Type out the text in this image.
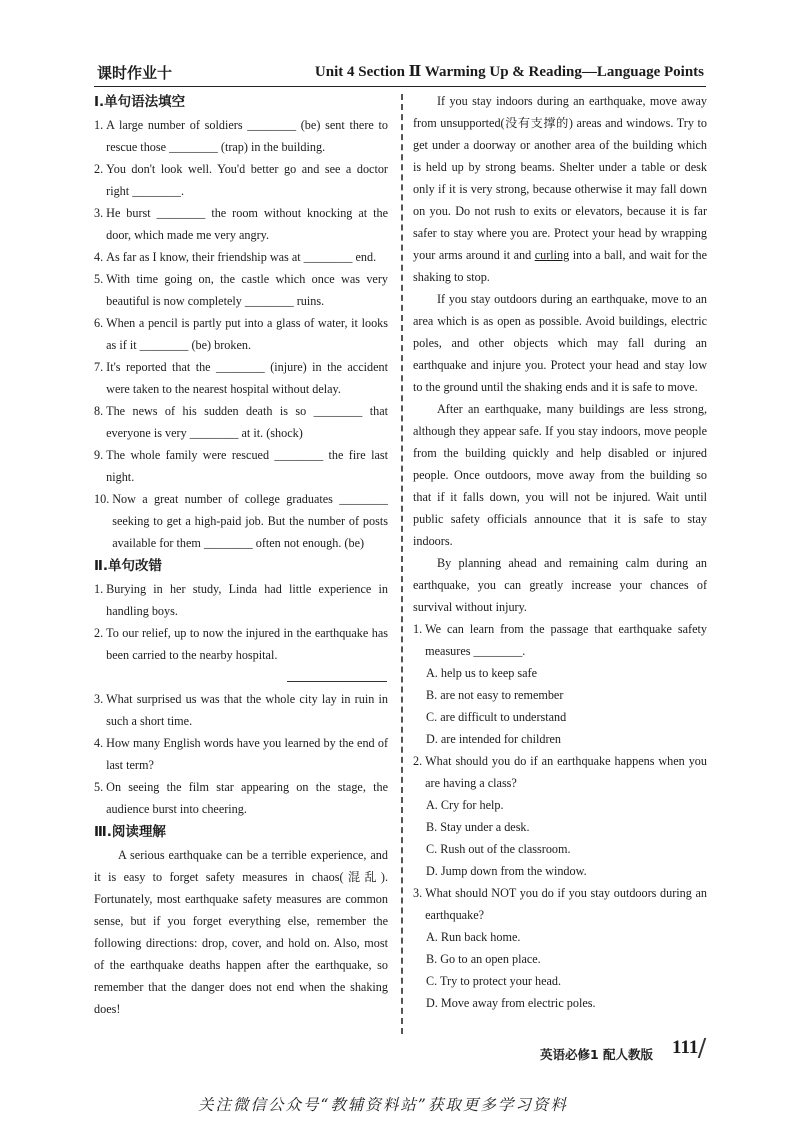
课时作业十	Unit 4 Section Ⅱ Warming Up & Reading—Language Points
Ⅰ.单句语法填空
1. A large number of soldiers ________ (be) sent there to rescue those ________ (trap) in the building.
2. You don't look well. You'd better go and see a doctor right ________.
3. He burst ________ the room without knocking at the door, which made me very angry.
4. As far as I know, their friendship was at ________ end.
5. With time going on, the castle which once was very beautiful is now completely ________ ruins.
6. When a pencil is partly put into a glass of water, it looks as if it ________ (be) broken.
7. It's reported that the ________ (injure) in the accident were taken to the nearest hospital without delay.
8. The news of his sudden death is so ________ that everyone is very ________ at it. (shock)
9. The whole family were rescued ________ the fire last night.
10. Now a great number of college graduates ________ seeking to get a high-paid job. But the number of posts available for them ________ often not enough. (be)
Ⅱ.单句改错
1. Burying in her study, Linda had little experience in handling boys.
2. To our relief, up to now the injured in the earthquake has been carried to the nearby hospital.
3. What surprised us was that the whole city lay in ruin in such a short time.
4. How many English words have you learned by the end of last term?
5. On seeing the film star appearing on the stage, the audience burst into cheering.
Ⅲ.阅读理解
A serious earthquake can be a terrible experience, and it is easy to forget safety measures in chaos(混乱). Fortunately, most earthquake safety measures are common sense, but if you forget everything else, remember the following directions: drop, cover, and hold on. Also, most of the earthquake deaths happen after the earthquake, so remember that the danger does not end when the shaking does!
If you stay indoors during an earthquake, move away from unsupported(没有支撑的) areas and windows. Try to get under a doorway or another area of the building which is held up by strong beams. Shelter under a table or desk only if it is very strong, because otherwise it may fall down on you. Do not rush to exits or elevators, because it is far safer to stay where you are. Protect your head by wrapping your arms around it and curling into a ball, and wait for the shaking to stop.
If you stay outdoors during an earthquake, move to an area which is as open as possible. Avoid buildings, electric poles, and other objects which may fall during an earthquake and injure you. Protect your head and stay low to the ground until the shaking ends and it is safe to move.
After an earthquake, many buildings are less strong, although they appear safe. If you stay indoors, move people from the building quickly and help disabled or injured people. Once outdoors, move away from the building so that if it falls down, you will not be injured. Wait until public safety officials announce that it is safe to stay indoors.
By planning ahead and remaining calm during an earthquake, you can greatly increase your chances of survival without injury.
1. We can learn from the passage that earthquake safety measures ________.
A. help us to keep safe
B. are not easy to remember
C. are difficult to understand
D. are intended for children
2. What should you do if an earthquake happens when you are having a class?
A. Cry for help.
B. Stay under a desk.
C. Rush out of the classroom.
D. Jump down from the window.
3. What should NOT you do if you stay outdoors during an earthquake?
A. Run back home.
B. Go to an open place.
C. Try to protect your head.
D. Move away from electric poles.
英语必修1 配人教版 111
关注微信公众号“教辅资料站”获取更多学习资料
